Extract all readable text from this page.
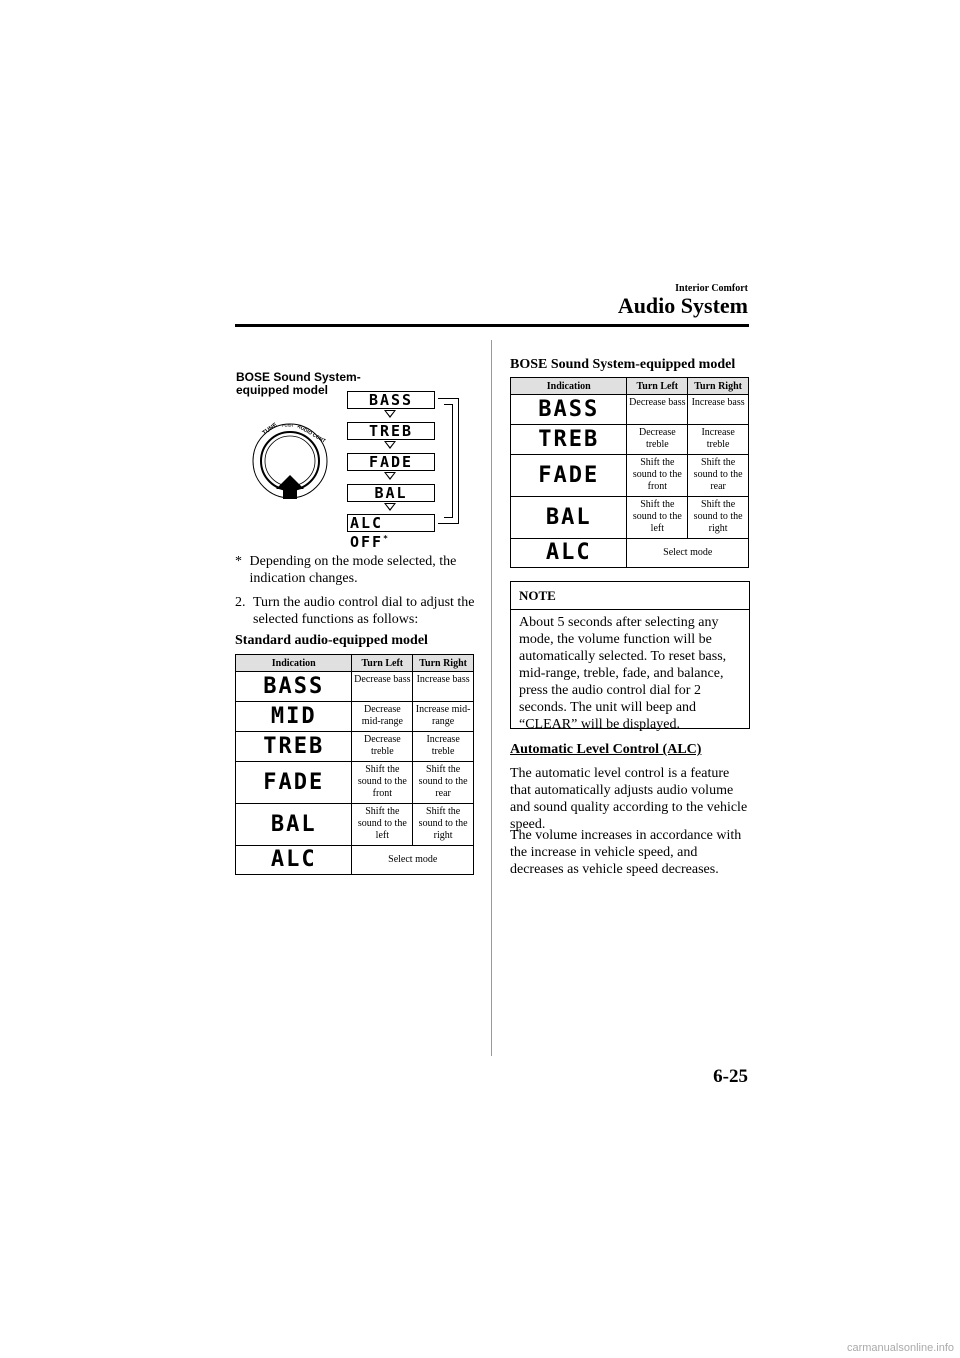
Interior Comfort
Audio System
BOSE Sound System-
equipped model
TUNE PUSH AUDIO CONT
BASS
TREB
FADE
BAL
ALC OFF*
* Depending on the mode selected, the indication changes.
2. Turn the audio control dial to adjust the selected functions as follows:
Standard audio-equipped model
Indication	Turn Left	Turn Right
BASS	Decrease bass	Increase bass
MID	Decrease mid-range	Increase mid-range
TREB	Decrease treble	Increase treble
FADE	Shift the sound to the front	Shift the sound to the rear
BAL	Shift the sound to the left	Shift the sound to the right
ALC	Select mode	
BOSE Sound System-equipped model
Indication	Turn Left	Turn Right
BASS	Decrease bass	Increase bass
TREB	Decrease treble	Increase treble
FADE	Shift the sound to the front	Shift the sound to the rear
BAL	Shift the sound to the left	Shift the sound to the right
ALC	Select mode	
NOTE
About 5 seconds after selecting any mode, the volume function will be automatically selected. To reset bass, mid-range, treble, fade, and balance, press the audio control dial for 2 seconds. The unit will beep and “CLEAR” will be displayed.
Automatic Level Control (ALC)
The automatic level control is a feature that automatically adjusts audio volume and sound quality according to the vehicle speed.
The volume increases in accordance with the increase in vehicle speed, and decreases as vehicle speed decreases.
6-25
carmanualsonline.info
